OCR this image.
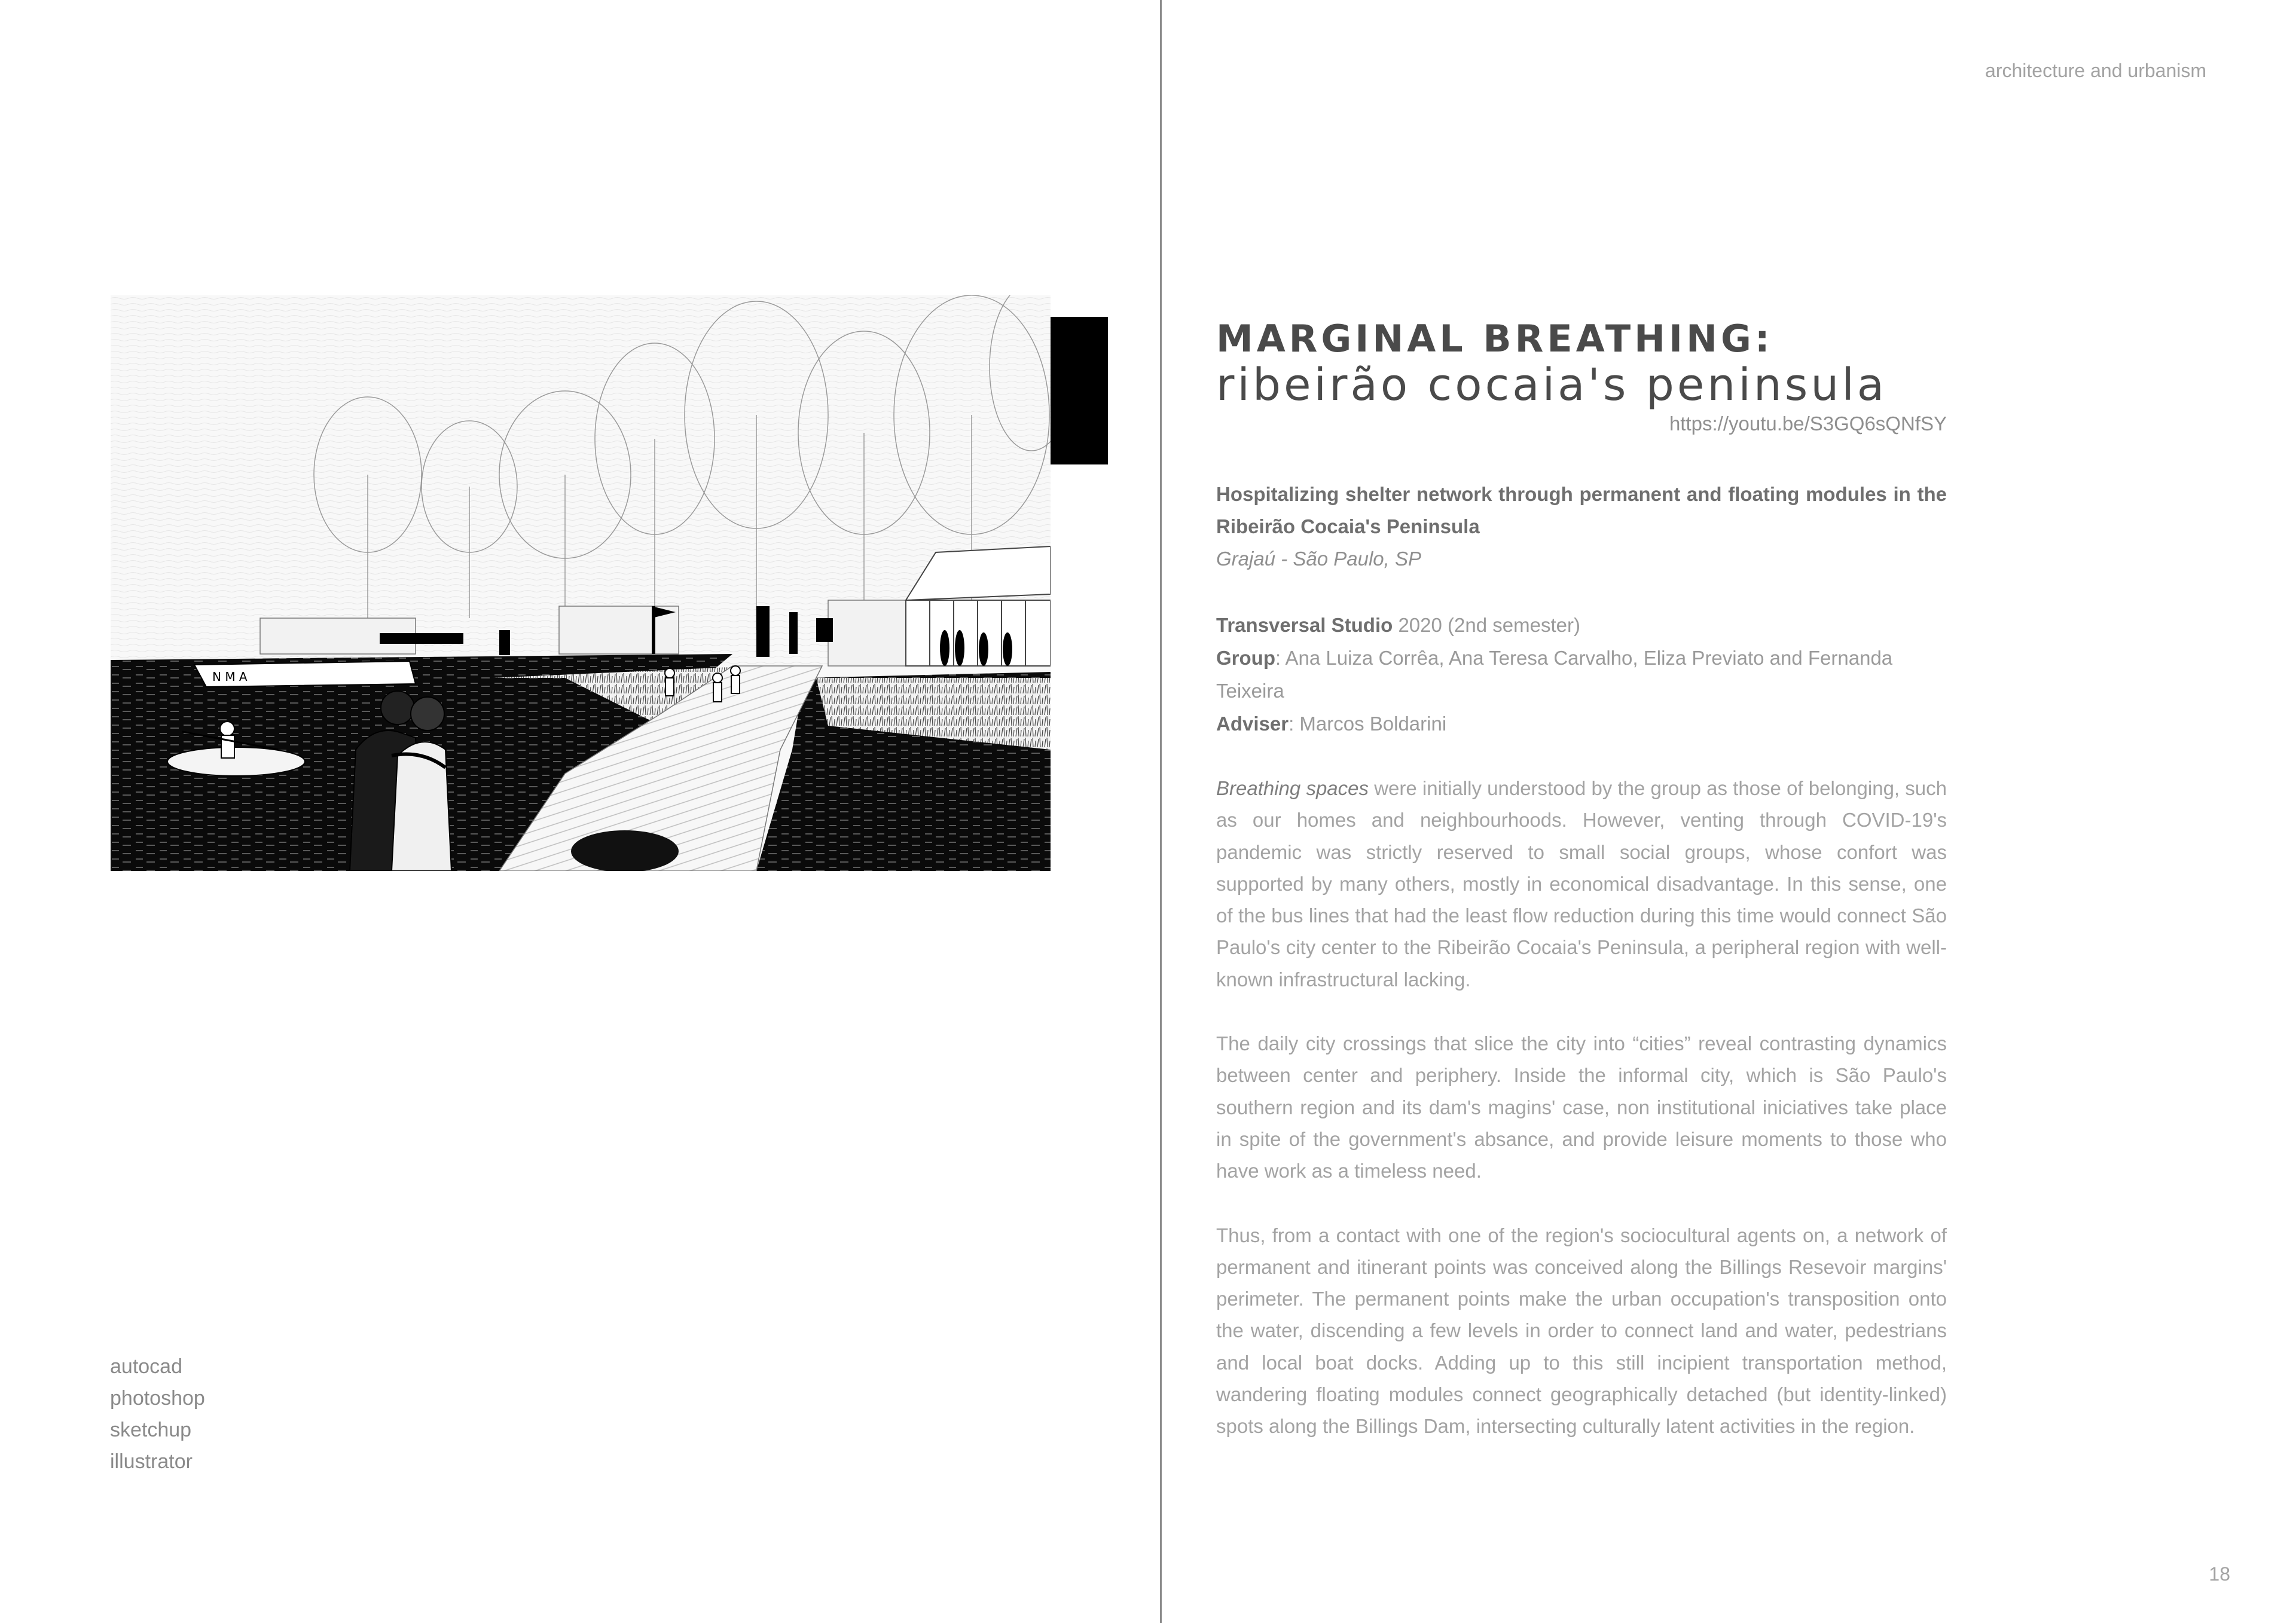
architecture and urbanism
N M A
MARGINAL BREATHING:
ribeirão cocaia's peninsula
https://youtu.be/S3GQ6sQNfSY
Hospitalizing shelter network through permanent and floating modules in the Ribeirão Cocaia's Peninsula
Grajaú - São Paulo, SP
Transversal Studio 2020 (2nd semester)
Group: Ana Luiza Corrêa, Ana Teresa Carvalho, Eliza Previato and Fernanda Teixeira
Adviser: Marcos Boldarini
Breathing spaces were initially understood by the group as those of belonging, such as our homes and neighbourhoods. However, venting through COVID-19's pandemic was strictly reserved to small social groups, whose confort was supported by many others, mostly in economical disadvantage. In this sense, one of the bus lines that had the least flow reduction during this time would connect São Paulo's city center to the Ribeirão Cocaia's Peninsula, a peripheral region with well-known infrastructural lacking.
The daily city crossings that slice the city into “cities” reveal contrasting dynamics between center and periphery. Inside the informal city, which is São Paulo's southern region and its dam's magins' case, non institutional iniciatives take place in spite of the government's absance, and provide leisure moments to those who have work as a timeless need.
Thus, from a contact with one of the region's sociocultural agents on, a network of permanent and itinerant points was conceived along the Billings Resevoir margins' perimeter. The permanent points make the urban occupation's transposition onto the water, discending a few levels in order to connect land and water, pedestrians and local boat docks. Adding up to this still incipient transportation method, wandering floating modules connect geographically detached (but identity-linked) spots along the Billings Dam, intersecting culturally latent activities in the region.
autocad
photoshop
sketchup
illustrator
18
